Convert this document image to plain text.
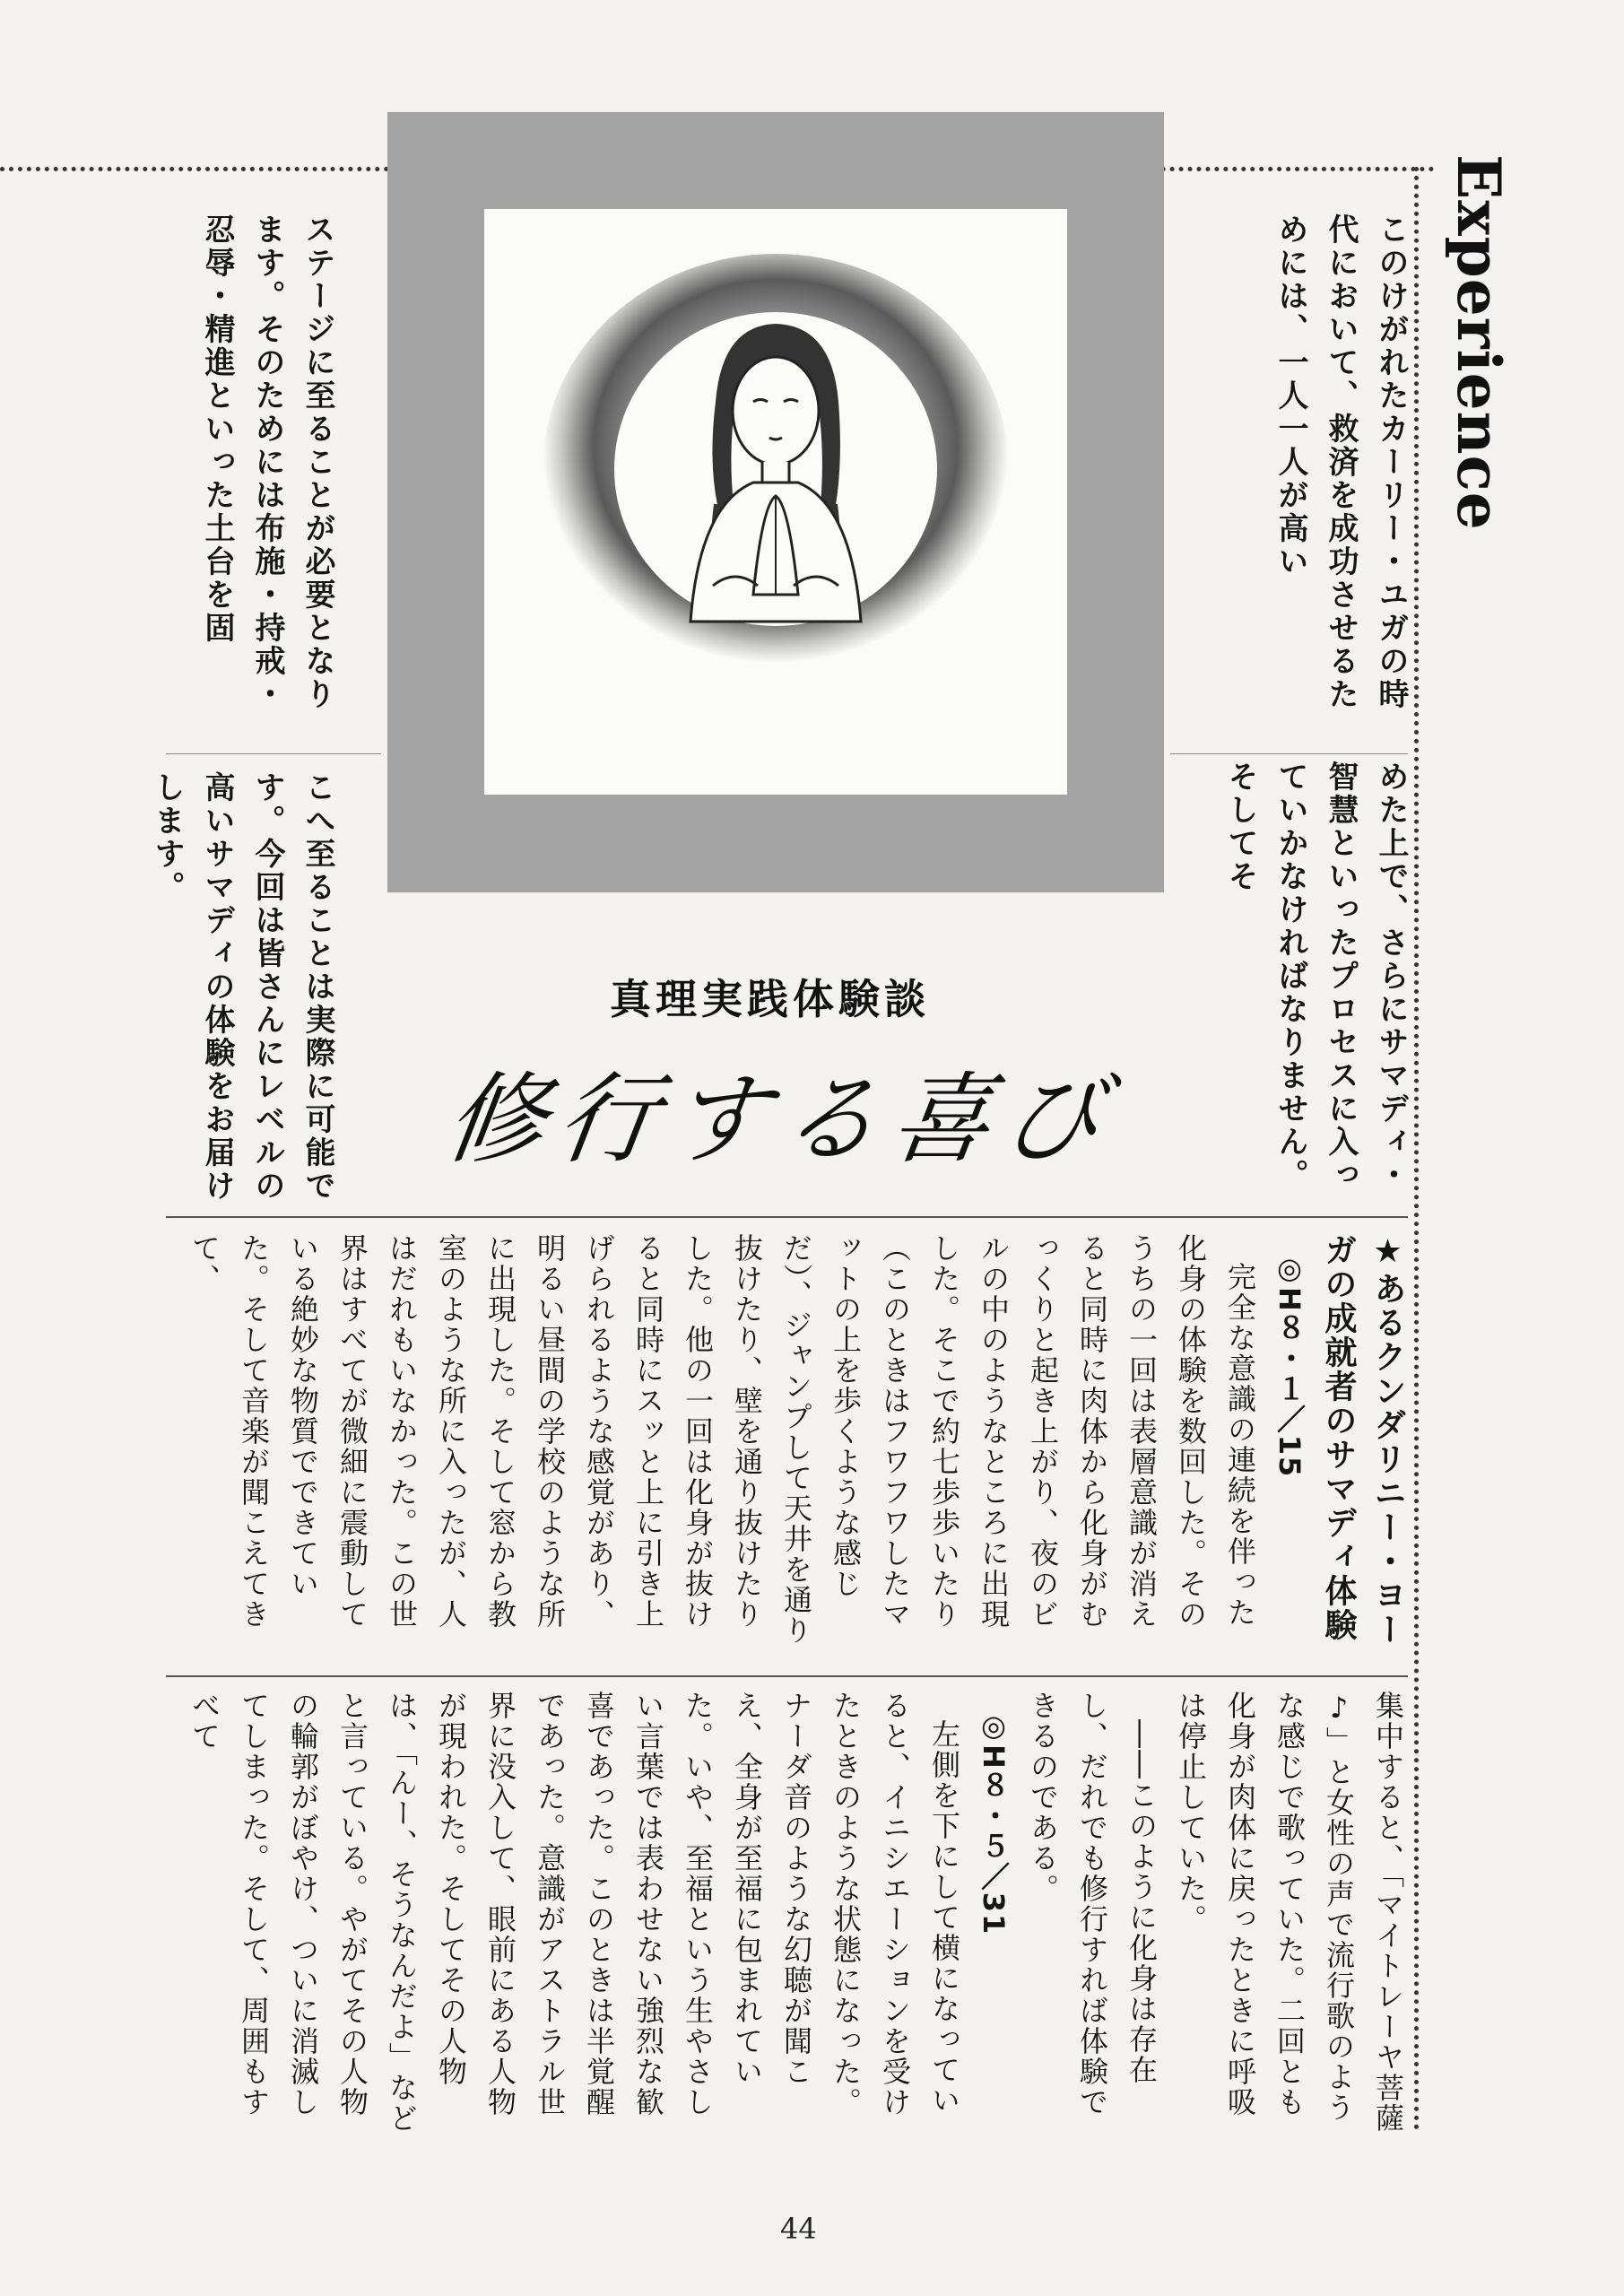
Experience

このけがれたカーリー・ユガの時代において、救済を成功させるためには、一人一人が高い

ステージに至ることが必要となります。そのためには布施・持戒・忍辱・精進といった土台を固

めた上で、さらにサマディ・智慧といったプロセスに入っていかなければなりません。そしてそ

こへ至ることは実際に可能です。今回は皆さんにレベルの高いサマディの体験をお届けします。

真理実践体験談
修行する喜び

★あるクンダリニー・ヨーガの成就者のサマディ体験

◎H８・１／15

完全な意識の連続を伴った化身の体験を数回した。そのうちの一回は表層意識が消えると同時に肉体から化身がむっくりと起き上がり、夜のビルの中のようなところに出現した。そこで約七歩歩いたり（このときはフワフワしたマットの上を歩くような感じだ）、ジャンプして天井を通り抜けたり、壁を通り抜けたりした。他の一回は化身が抜けると同時にスッと上に引き上げられるような感覚があり、明るい昼間の学校のような所に出現した。そして窓から教室のような所に入ったが、人はだれもいなかった。この世界はすべてが微細に震動している絶妙な物質でできていた。そして音楽が聞こえてきて、

集中すると、「マイトレーヤ菩薩♪」と女性の声で流行歌のような感じで歌っていた。二回とも化身が肉体に戻ったときに呼吸は停止していた。

――このように化身は存在し、だれでも修行すれば体験できるのである。

◎H８・５／31

左側を下にして横になっていると、イニシエーションを受けたときのような状態になった。ナーダ音のような幻聴が聞こえ、全身が至福に包まれていた。いや、至福という生やさしい言葉では表わせない強烈な歓喜であった。このときは半覚醒であった。意識がアストラル世界に没入して、眼前にある人物が現われた。そしてその人物は、「んー、そうなんだよ」などと言っている。やがてその人物の輪郭がぼやけ、ついに消滅してしまった。そして、周囲もすべて

44
